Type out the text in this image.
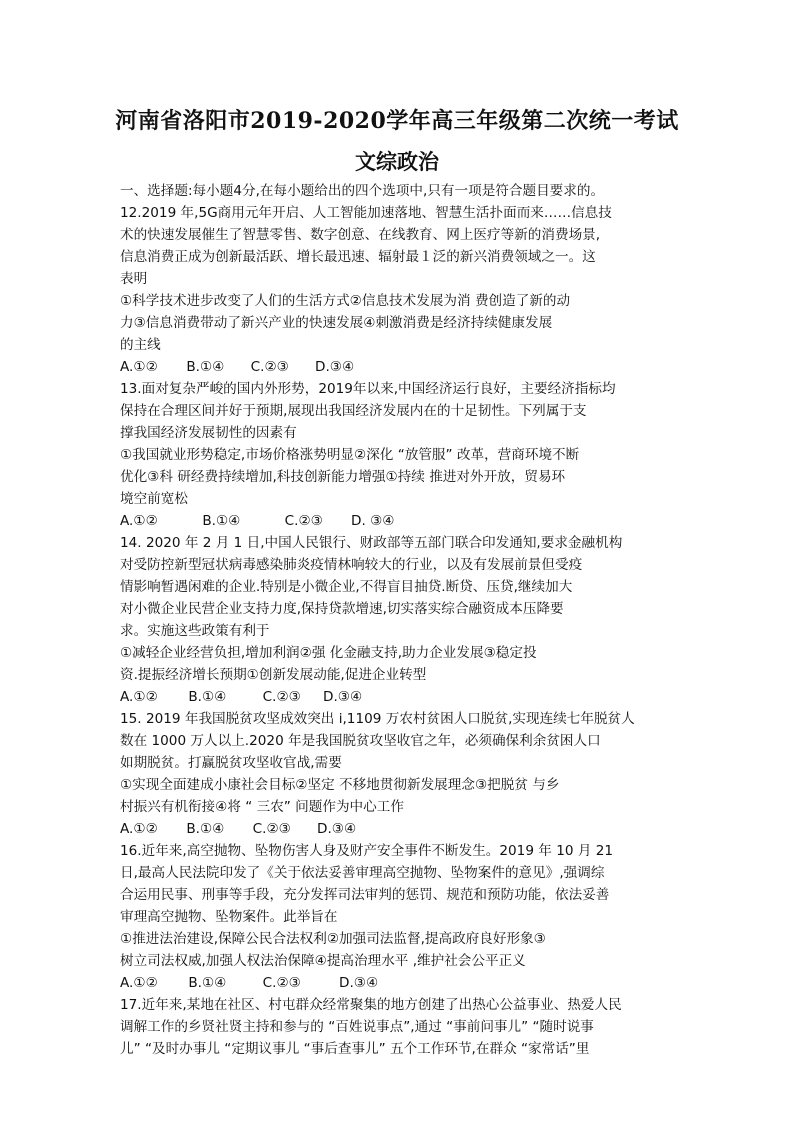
河南省洛阳市2019-2020学年高三年级第二次统一考试
文综政治
一、选择题:每小题4分,在每小题给出的四个选项中,只有一项是符合题目要求的。
12.2019 年,5G商用元年开启、人工智能加速落地、智慧生活扑面而来……信息技
术的快速发展催生了智慧零售、数字创意、在线教育、网上医疗等新的消费场景,
信息消费正成为创新最活跃、增长最迅速、辐射最１泛的新兴消费领域之一。这
表明
①科学技术进步改变了人们的生活方式②信息技术发展为消 费创造了新的动
力③信息消费带动了新兴产业的快速发展④刺激消费是经济持续健康发展
的主线
A.①② B.①④ C.②③ D.③④
13.面对复杂严峻的国内外形势，2019年以来,中国经济运行良好，主要经济指标均
保持在合理区间并好于预期,展现出我国经济发展内在的十足韧性。下列属于支
撑我国经济发展韧性的因素有
①我国就业形势稳定,市场价格涨势明显②深化 “放管服” 改革，营商环境不断
优化③科 研经费持续增加,科技创新能力增强①持续 推进对外开放，贸易环
境空前宽松
A.①②	B.①④	C.②③ D. ③④
14. 2020 年 2 月 1 日,中国人民银行、财政部等五部门联合印发通知,要求金融机构
对受防控新型冠状病毒感染肺炎疫情林响较大的行业，以及有发展前景但受疫
情影响暂遇闲难的企业.特别是小微企业,不得盲目抽贷.断贷、压贷,继续加大
对小微企业民营企业支持力度,保持贷款增速,切实落实综合融资成本压降要
求。实施这些政策有利于
①减轻企业经营负担,增加利润②强 化金融支持,助力企业发展③稳定投
资.提振经济增长预期①创新发展动能,促进企业转型
A.①② B.①④	C.②③ D.③④
15. 2019 年我国脱贫攻坚成效突出 i,1109 万农村贫困人口脱贫,实现连续七年脱贫人
数在 1000 万人以上.2020 年是我国脱贫攻坚收官之年，必须确保利余贫困人口
如期脱贫。打赢脱贫攻坚收官战,需要
①实现全面建成小康社会目标②坚定 不移地贯彻新发展理念③把脱贫 与乡
村振兴有机衔接④将 “ 三农” 问题作为中心工作
A.①② B.①④ C.②③ D.③④
16.近年来,高空抛物、坠物伤害人身及财产安全事件不断发生。2019 年 10 月 21
日,最高人民法院印发了《关于依法妥善审理高空抛物、坠物案件的意见》,强调综
合运用民事、刑事等手段，充分发挥司法审判的惩罚、规范和预防功能，依法妥善
审理高空抛物、坠物案件。此举旨在
①推进法治建设,保障公民合法权利②加强司法监督,提高政府良好形象③
树立司法权威,加强人权法治保障④提高治理水平 ,维护社会公平正义
A.①② B.①④	C.②③	D.③④
17.近年来,某地在社区、村屯群众经常聚集的地方创建了出热心公益事业、热爱人民
调解工作的乡贤社贤主持和参与的 “百姓说事点”,通过 “事前问事儿” “随时说事
儿” “及时办事儿 “定期议事儿 “事后查事儿” 五个工作环节,在群众 “家常话”里
